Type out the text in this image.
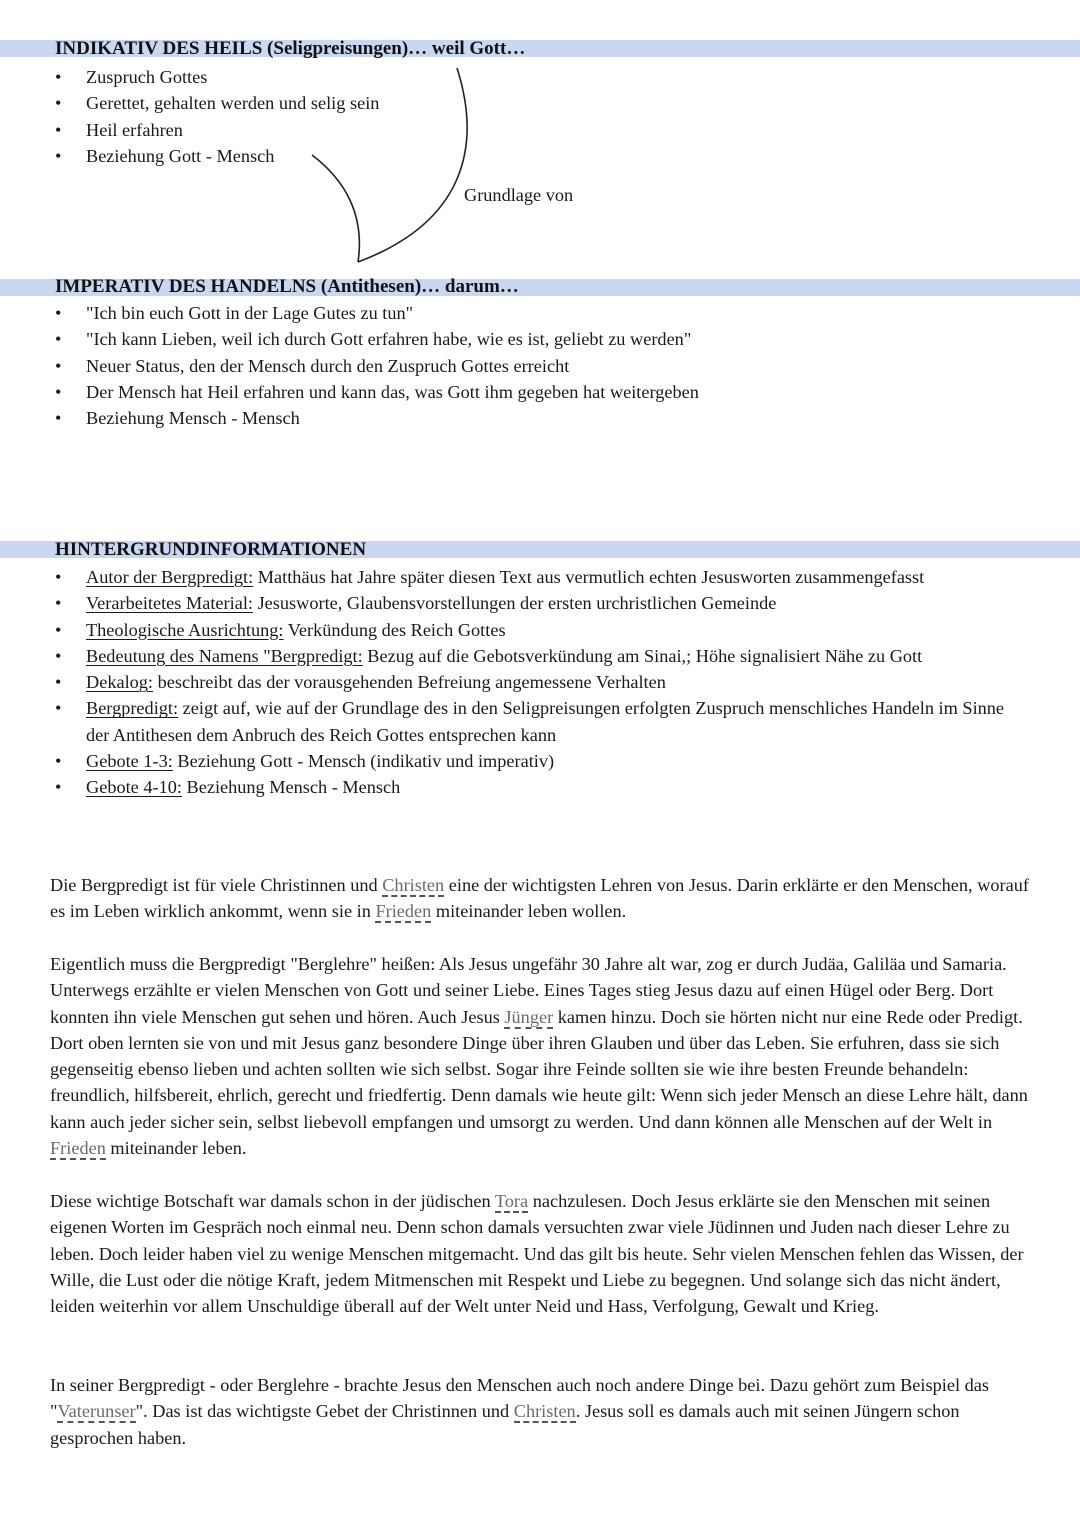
INDIKATIV DES HEILS (Seligpreisungen)… weil Gott…
• Zuspruch Gottes
• Gerettet, gehalten werden und selig sein
• Heil erfahren
• Beziehung Gott - Mensch
Grundlage von
IMPERATIV DES HANDELNS (Antithesen)… darum…
• "Ich bin euch Gott in der Lage Gutes zu tun"
• "Ich kann Lieben, weil ich durch Gott erfahren habe, wie es ist, geliebt zu werden"
• Neuer Status, den der Mensch durch den Zuspruch Gottes erreicht
• Der Mensch hat Heil erfahren und kann das, was Gott ihm gegeben hat weitergeben
• Beziehung Mensch - Mensch
HINTERGRUNDINFORMATIONEN
• Autor der Bergpredigt: Matthäus hat Jahre später diesen Text aus vermutlich echten Jesusworten zusammengefasst
• Verarbeitetes Material: Jesusworte, Glaubensvorstellungen der ersten urchristlichen Gemeinde
• Theologische Ausrichtung: Verkündung des Reich Gottes
• Bedeutung des Namens "Bergpredigt: Bezug auf die Gebotsverkündung am Sinai,; Höhe signalisiert Nähe zu Gott
• Dekalog: beschreibt das der vorausgehenden Befreiung angemessene Verhalten
• Bergpredigt: zeigt auf, wie auf der Grundlage des in den Seligpreisungen erfolgten Zuspruch menschliches Handeln im Sinne der Antithesen dem Anbruch des Reich Gottes entsprechen kann
• Gebote 1-3: Beziehung Gott - Mensch (indikativ und imperativ)
• Gebote 4-10: Beziehung Mensch - Mensch

Die Bergpredigt ist für viele Christinnen und Christen eine der wichtigsten Lehren von Jesus. Darin erklärte er den Menschen, worauf es im Leben wirklich ankommt, wenn sie in Frieden miteinander leben wollen.

Eigentlich muss die Bergpredigt "Berglehre" heißen: Als Jesus ungefähr 30 Jahre alt war, zog er durch Judäa, Galiläa und Samaria. Unterwegs erzählte er vielen Menschen von Gott und seiner Liebe. Eines Tages stieg Jesus dazu auf einen Hügel oder Berg. Dort konnten ihn viele Menschen gut sehen und hören. Auch Jesus Jünger kamen hinzu. Doch sie hörten nicht nur eine Rede oder Predigt. Dort oben lernten sie von und mit Jesus ganz besondere Dinge über ihren Glauben und über das Leben. Sie erfuhren, dass sie sich gegenseitig ebenso lieben und achten sollten wie sich selbst. Sogar ihre Feinde sollten sie wie ihre besten Freunde behandeln: freundlich, hilfsbereit, ehrlich, gerecht und friedfertig. Denn damals wie heute gilt: Wenn sich jeder Mensch an diese Lehre hält, dann kann auch jeder sicher sein, selbst liebevoll empfangen und umsorgt zu werden. Und dann können alle Menschen auf der Welt in Frieden miteinander leben.

Diese wichtige Botschaft war damals schon in der jüdischen Tora nachzulesen. Doch Jesus erklärte sie den Menschen mit seinen eigenen Worten im Gespräch noch einmal neu. Denn schon damals versuchten zwar viele Jüdinnen und Juden nach dieser Lehre zu leben. Doch leider haben viel zu wenige Menschen mitgemacht. Und das gilt bis heute. Sehr vielen Menschen fehlen das Wissen, der Wille, die Lust oder die nötige Kraft, jedem Mitmenschen mit Respekt und Liebe zu begegnen. Und solange sich das nicht ändert, leiden weiterhin vor allem Unschuldige überall auf der Welt unter Neid und Hass, Verfolgung, Gewalt und Krieg.

In seiner Bergpredigt - oder Berglehre - brachte Jesus den Menschen auch noch andere Dinge bei. Dazu gehört zum Beispiel das "Vaterunser". Das ist das wichtigste Gebet der Christinnen und Christen. Jesus soll es damals auch mit seinen Jüngern schon gesprochen haben.
